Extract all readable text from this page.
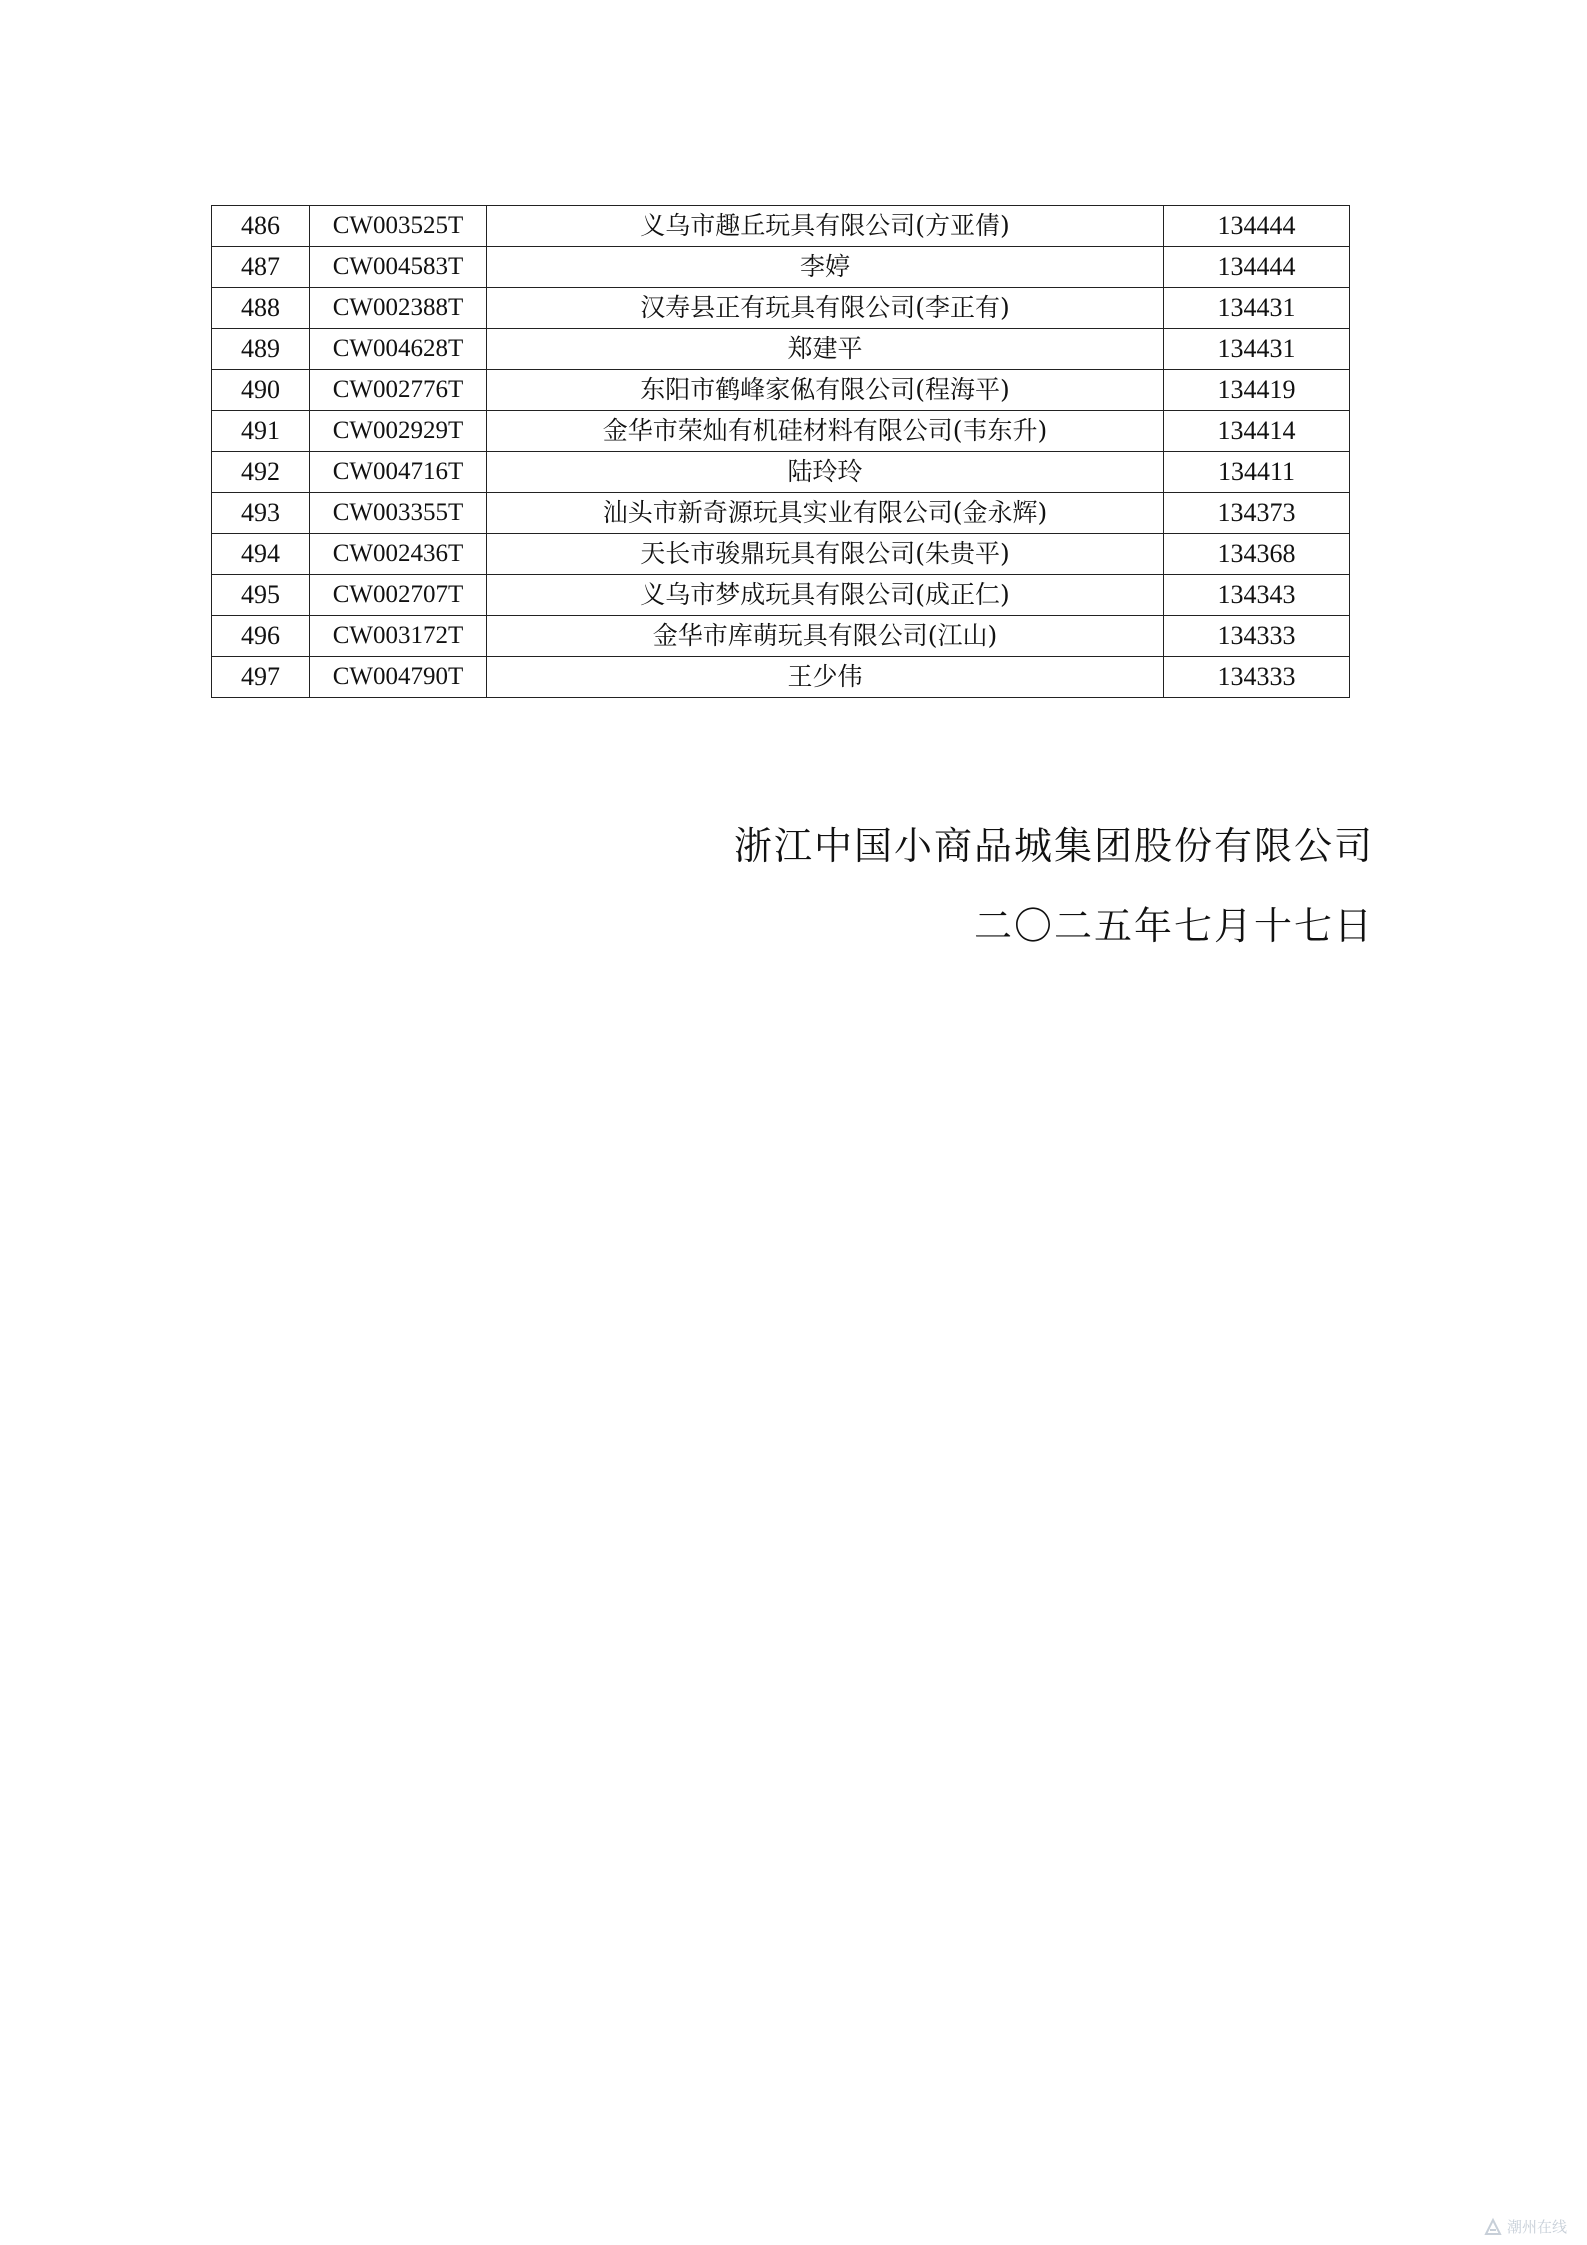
486	CW003525T	义乌市趣丘玩具有限公司(方亚倩)	134444
487	CW004583T	李婷	134444
488	CW002388T	汉寿县正有玩具有限公司(李正有)	134431
489	CW004628T	郑建平	134431
490	CW002776T	东阳市鹤峰家俬有限公司(程海平)	134419
491	CW002929T	金华市荣灿有机硅材料有限公司(韦东升)	134414
492	CW004716T	陆玲玲	134411
493	CW003355T	汕头市新奇源玩具实业有限公司(金永辉)	134373
494	CW002436T	天长市骏鼎玩具有限公司(朱贵平)	134368
495	CW002707T	义乌市梦成玩具有限公司(成正仁)	134343
496	CW003172T	金华市库萌玩具有限公司(江山)	134333
497	CW004790T	王少伟	134333
浙江中国小商品城集团股份有限公司
二〇二五年七月十七日
潮州在线
